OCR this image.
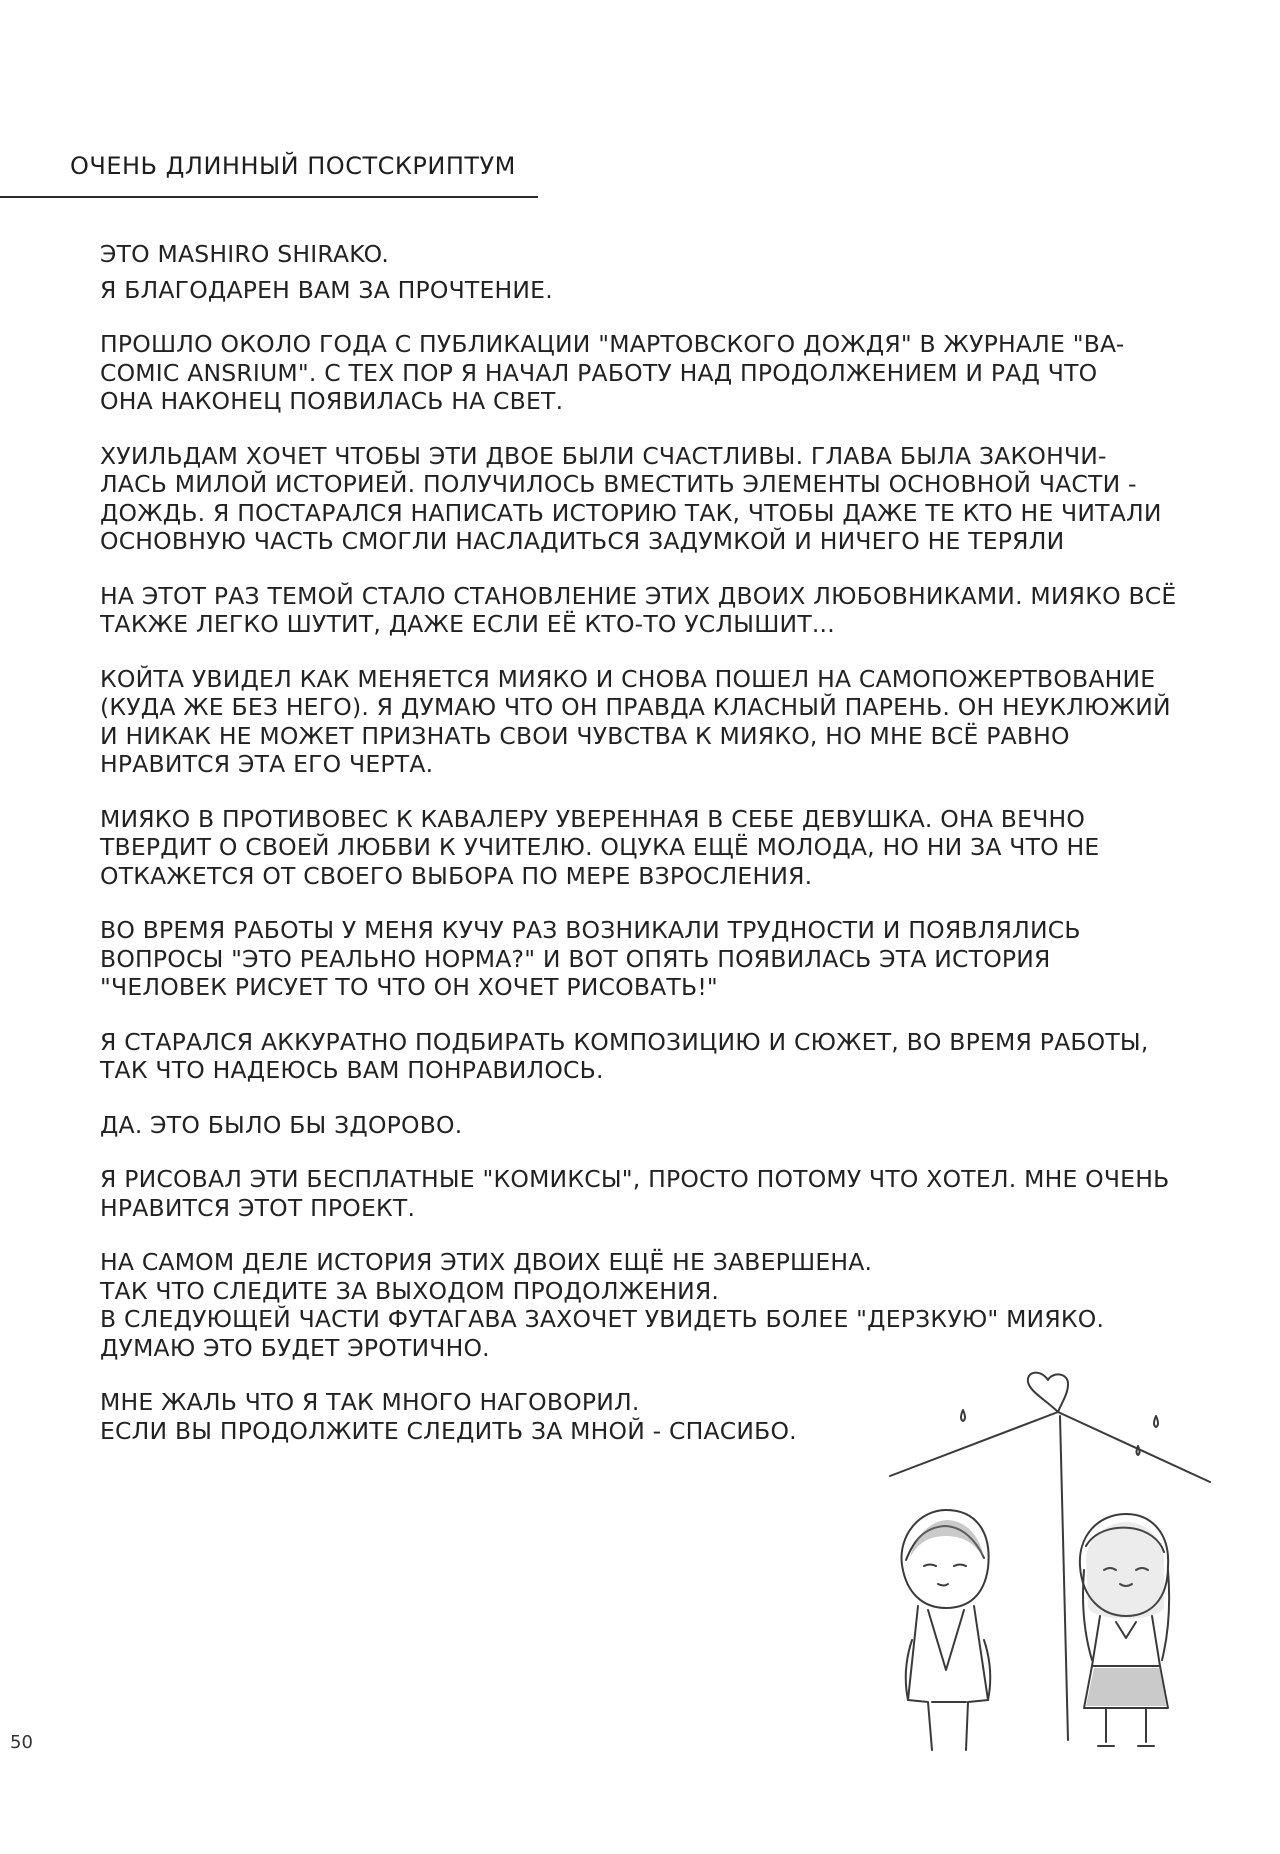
ОЧЕНЬ ДЛИННЫЙ ПОСТСКРИПТУМ
ЭТО MASHIRO SHIRAKO.
Я БЛАГОДАРЕН ВАМ ЗА ПРОЧТЕНИЕ.
ПРОШЛО ОКОЛО ГОДА С ПУБЛИКАЦИИ "МАРТОВСКОГО ДОЖДЯ" В ЖУРНАЛЕ "BA-
COMIC ANSRIUM". С ТЕХ ПОР Я НАЧАЛ РАБОТУ НАД ПРОДОЛЖЕНИЕМ И РАД ЧТО
ОНА НАКОНЕЦ ПОЯВИЛАСЬ НА СВЕТ.
ХУИЛЬДАМ ХОЧЕТ ЧТОБЫ ЭТИ ДВОЕ БЫЛИ СЧАСТЛИВЫ. ГЛАВА БЫЛА ЗАКОНЧИ-
ЛАСЬ МИЛОЙ ИСТОРИЕЙ. ПОЛУЧИЛОСЬ ВМЕСТИТЬ ЭЛЕМЕНТЫ ОСНОВНОЙ ЧАСТИ -
ДОЖДЬ. Я ПОСТАРАЛСЯ НАПИСАТЬ ИСТОРИЮ ТАК, ЧТОБЫ ДАЖЕ ТЕ КТО НЕ ЧИТАЛИ
ОСНОВНУЮ ЧАСТЬ СМОГЛИ НАСЛАДИТЬСЯ ЗАДУМКОЙ И НИЧЕГО НЕ ТЕРЯЛИ
НА ЭТОТ РАЗ ТЕМОЙ СТАЛО СТАНОВЛЕНИЕ ЭТИХ ДВОИХ ЛЮБОВНИКАМИ. МИЯКО ВСЁ
ТАКЖЕ ЛЕГКО ШУТИТ, ДАЖЕ ЕСЛИ ЕЁ КТО-ТО УСЛЫШИТ...
КОЙТА УВИДЕЛ КАК МЕНЯЕТСЯ МИЯКО И СНОВА ПОШЕЛ НА САМОПОЖЕРТВОВАНИЕ
(КУДА ЖЕ БЕЗ НЕГО). Я ДУМАЮ ЧТО ОН ПРАВДА КЛАСНЫЙ ПАРЕНЬ. ОН НЕУКЛЮЖИЙ
И НИКАК НЕ МОЖЕТ ПРИЗНАТЬ СВОИ ЧУВСТВА К МИЯКО, НО МНЕ ВСЁ РАВНО
НРАВИТСЯ ЭТА ЕГО ЧЕРТА.
МИЯКО В ПРОТИВОВЕС К КАВАЛЕРУ УВЕРЕННАЯ В СЕБЕ ДЕВУШКА. ОНА ВЕЧНО
ТВЕРДИТ О СВОЕЙ ЛЮБВИ К УЧИТЕЛЮ. ОЦУКА ЕЩЁ МОЛОДА, НО НИ ЗА ЧТО НЕ
ОТКАЖЕТСЯ ОТ СВОЕГО ВЫБОРА ПО МЕРЕ ВЗРОСЛЕНИЯ.
ВО ВРЕМЯ РАБОТЫ У МЕНЯ КУЧУ РАЗ ВОЗНИКАЛИ ТРУДНОСТИ И ПОЯВЛЯЛИСЬ
ВОПРОСЫ "ЭТО РЕАЛЬНО НОРМА?" И ВОТ ОПЯТЬ ПОЯВИЛАСЬ ЭТА ИСТОРИЯ
"ЧЕЛОВЕК РИСУЕТ ТО ЧТО ОН ХОЧЕТ РИСОВАТЬ!"
Я СТАРАЛСЯ АККУРАТНО ПОДБИРАТЬ КОМПОЗИЦИЮ И СЮЖЕТ, ВО ВРЕМЯ РАБОТЫ,
ТАК ЧТО НАДЕЮСЬ ВАМ ПОНРАВИЛОСЬ.
ДА. ЭТО БЫЛО БЫ ЗДОРОВО.
Я РИСОВАЛ ЭТИ БЕСПЛАТНЫЕ "КОМИКСЫ", ПРОСТО ПОТОМУ ЧТО ХОТЕЛ. МНЕ ОЧЕНЬ
НРАВИТСЯ ЭТОТ ПРОЕКТ.
НА САМОМ ДЕЛЕ ИСТОРИЯ ЭТИХ ДВОИХ ЕЩЁ НЕ ЗАВЕРШЕНА.
ТАК ЧТО СЛЕДИТЕ ЗА ВЫХОДОМ ПРОДОЛЖЕНИЯ.
В СЛЕДУЮЩЕЙ ЧАСТИ ФУТАГАВА ЗАХОЧЕТ УВИДЕТЬ БОЛЕЕ "ДЕРЗКУЮ" МИЯКО.
ДУМАЮ ЭТО БУДЕТ ЭРОТИЧНО.
МНЕ ЖАЛЬ ЧТО Я ТАК МНОГО НАГОВОРИЛ.
ЕСЛИ ВЫ ПРОДОЛЖИТЕ СЛЕДИТЬ ЗА МНОЙ - СПАСИБО.
50
